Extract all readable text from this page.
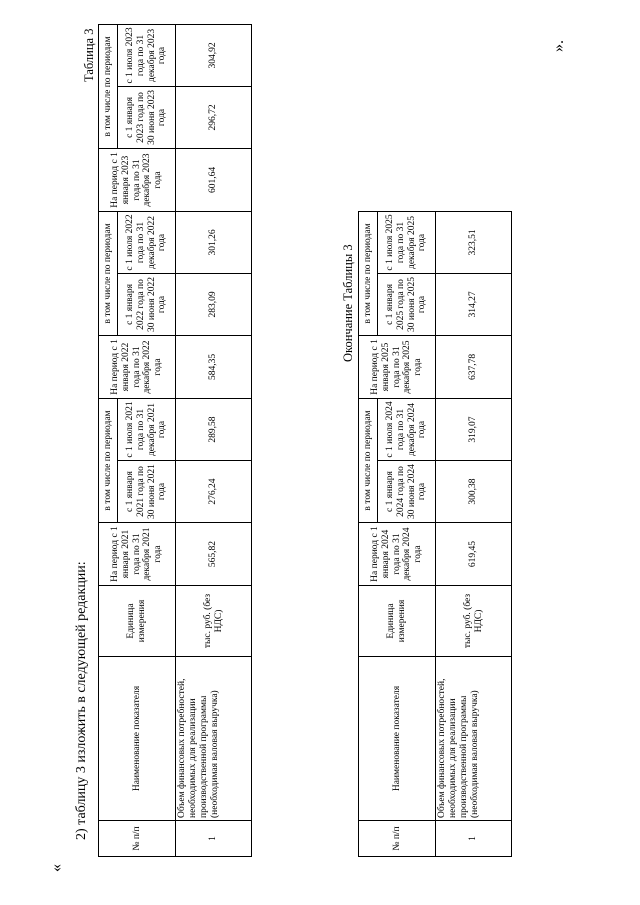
«
2) таблицу 3 изложить в следующей редакции:
Таблица 3
№ п/п	Наименование показателя	Единица измерения	На период с 1 января 2021 года по 31 декабря 2021 года	в том числе по периодам		На период с 1 января 2022 года по 31 декабря 2022 года	в том числе по периодам		На период с 1 января 2023 года по 31 декабря 2023 года	в том числе по периодам	
				с 1 января 2021 года по 30 июня 2021 года	с 1 июля 2021 года по 31 декабря 2021 года		с 1 января 2022 года по 30 июня 2022 года	с 1 июля 2022 года по 31 декабря 2022 года		с 1 января 2023 года по 30 июня 2023 года	с 1 июля 2023 года по 31 декабря 2023 года
1	Объем финансовых потребностей, необходимых для реализации производственной программы (необходимая валовая выручка)	тыс. руб. (без НДС)	565,82	276,24	289,58	584,35	283,09	301,26	601,64	296,72	304,92
Окончание Таблицы 3
№ п/п	Наименование показателя	Единица измерения	На период с 1 января 2024 года по 31 декабря 2024 года	в том числе по периодам		На период с 1 января 2025 года по 31 декабря 2025 года	в том числе по периодам	
				с 1 января 2024 года по 30 июня 2024 года	с 1 июля 2024 года по 31 декабря 2024 года		с 1 января 2025 года по 30 июня 2025 года	с 1 июля 2025 года по 31 декабря 2025 года
1	Объем финансовых потребностей, необходимых для реализации производственной программы (необходимая валовая выручка)	тыс. руб. (без НДС)	619,45	300,38	319,07	637,78	314,27	323,51
».
